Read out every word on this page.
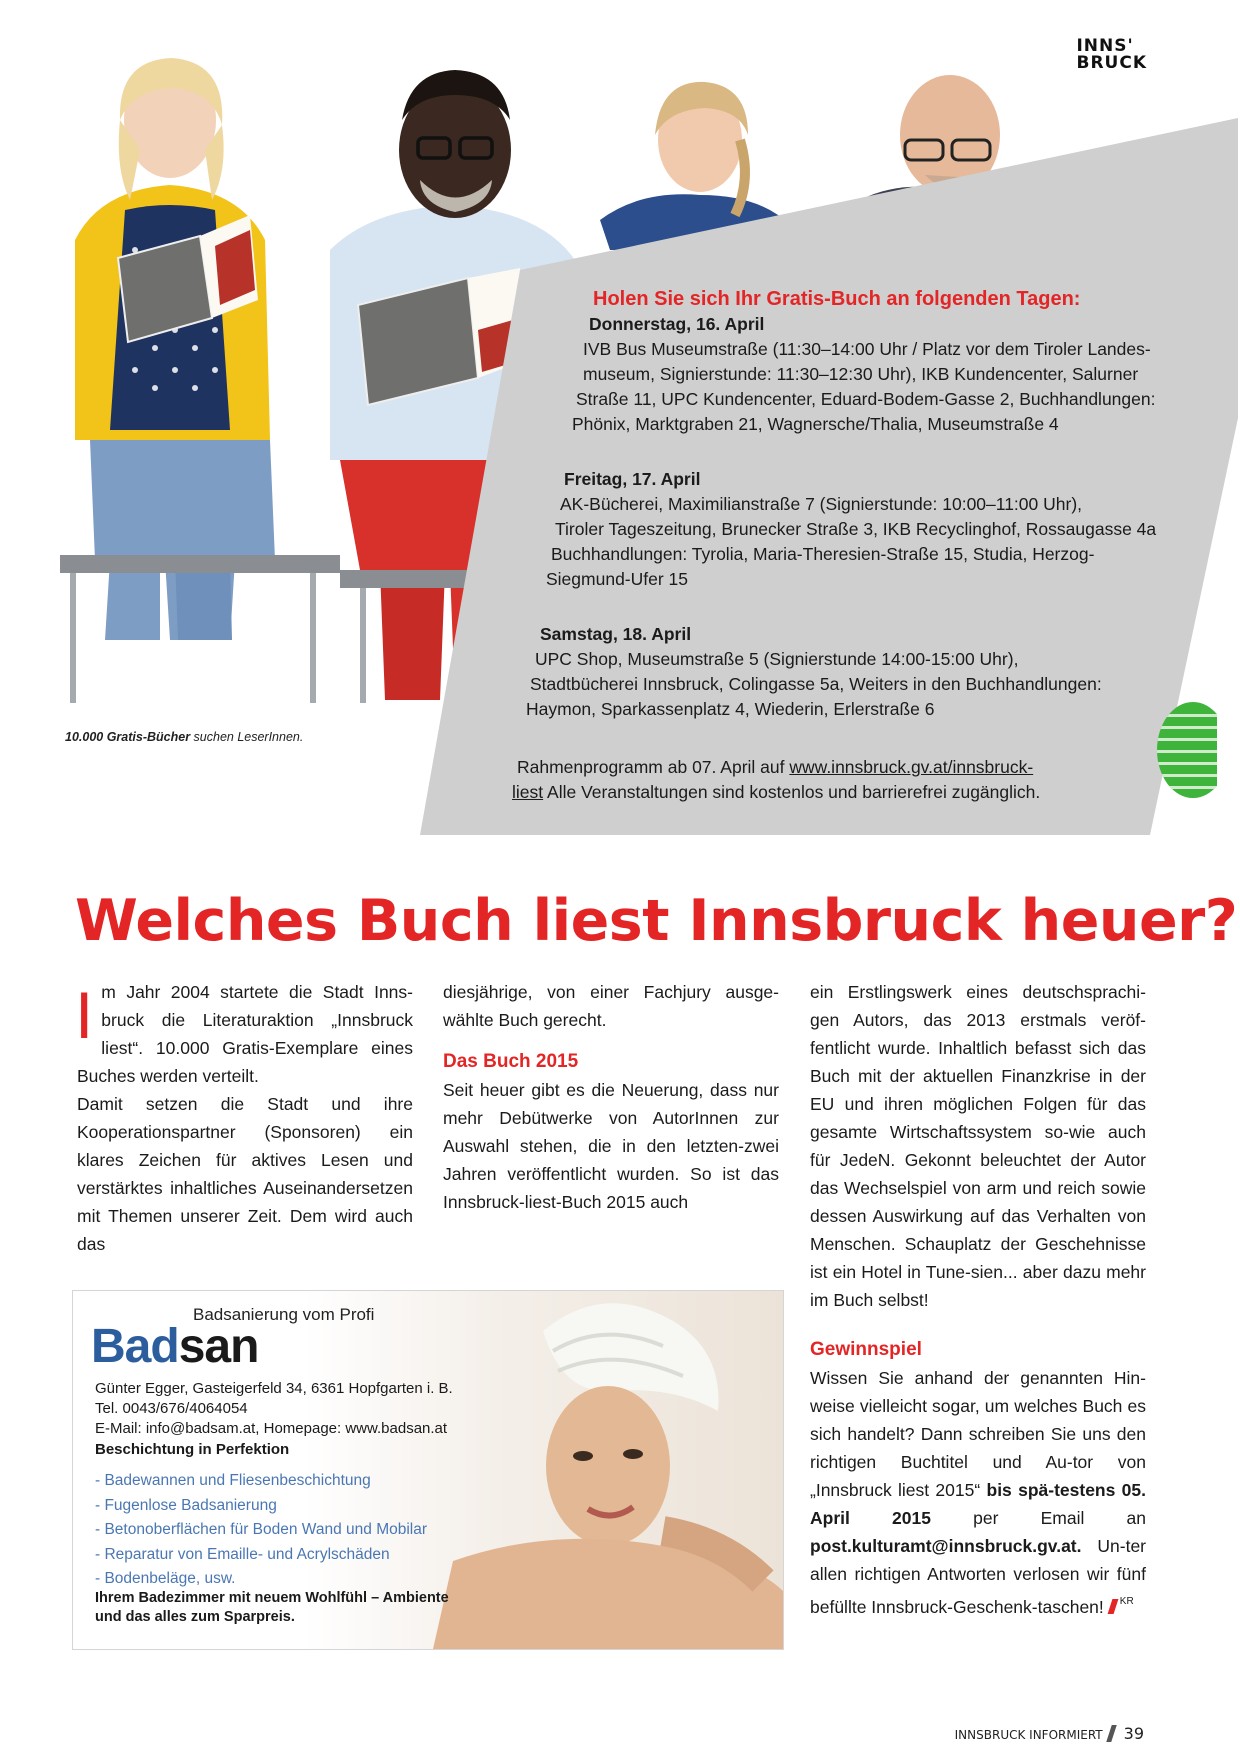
INNS'
BRUCK
Holen Sie sich Ihr Gratis-Buch an folgenden Tagen:
Donnerstag, 16. April
IVB Bus Museumstraße (11:30–14:00 Uhr / Platz vor dem Tiroler Landes-
museum, Signierstunde: 11:30–12:30 Uhr), IKB Kundencenter, Salurner
Straße 11, UPC Kundencenter, Eduard-Bodem-Gasse 2, Buchhandlungen:
Phönix, Marktgraben 21, Wagnersche/Thalia, Museumstraße 4
Freitag, 17. April
AK-Bücherei, Maximilianstraße 7 (Signierstunde: 10:00–11:00 Uhr),
Tiroler Tageszeitung, Brunecker Straße 3, IKB Recyclinghof, Rossaugasse 4a
Buchhandlungen: Tyrolia, Maria-Theresien-Straße 15, Studia, Herzog-
Siegmund-Ufer 15
Samstag, 18. April
UPC Shop, Museumstraße 5 (Signierstunde 14:00-15:00 Uhr),
Stadtbücherei Innsbruck, Colingasse 5a, Weiters in den Buchhandlungen:
Haymon, Sparkassenplatz 4, Wiederin, Erlerstraße 6
Rahmenprogramm ab 07. April auf www.innsbruck.gv.at/innsbruck-
liest Alle Veranstaltungen sind kostenlos und barrierefrei zugänglich.
10.000 Gratis-Bücher suchen LeserInnen.
Welches Buch liest Innsbruck heuer?

Im Jahr 2004 startete die Stadt Inns-bruck die Literaturaktion „Innsbruck liest“. 10.000 Gratis-Exemplare eines Buches werden verteilt.

Damit setzen die Stadt und ihre Kooperationspartner (Sponsoren) ein klares Zeichen für aktives Lesen und verstärktes inhaltliches Auseinandersetzen mit Themen unserer Zeit. Dem wird auch das

diesjährige, von einer Fachjury ausge-wählte Buch gerecht.

Das Buch 2015

Seit heuer gibt es die Neuerung, dass nur mehr Debütwerke von AutorInnen zur Auswahl stehen, die in den letzten-zwei Jahren veröffentlicht wurden. So ist das Innsbruck-liest-Buch 2015 auch

ein Erstlingswerk eines deutschsprachi-gen Autors, das 2013 erstmals veröf-fentlicht wurde. Inhaltlich befasst sich das Buch mit der aktuellen Finanzkrise in der EU und ihren möglichen Folgen für das gesamte Wirtschaftssystem so-wie auch für JedeN. Gekonnt beleuchtet der Autor das Wechselspiel von arm und reich sowie dessen Auswirkung auf das Verhalten von Menschen. Schauplatz der Geschehnisse ist ein Hotel in Tune-sien... aber dazu mehr im Buch selbst!

Gewinnspiel

Wissen Sie anhand der genannten Hin-weise vielleicht sogar, um welches Buch es sich handelt? Dann schreiben Sie uns den richtigen Buchtitel und Au-tor von „Innsbruck liest 2015“ bis spä-testens 05. April 2015 per Email an post.kulturamt@innsbruck.gv.at. Un-ter allen richtigen Antworten verlosen wir fünf befüllte Innsbruck-Geschenk-taschen! $^{KR}$

Badsanierung vom Profi
Badsan
Günter Egger, Gasteigerfeld 34, 6361 Hopfgarten i. B.
Tel. 0043/676/4064054
E-Mail: info@badsam.at, Homepage: www.badsan.at
Beschichtung in Perfektion
- Badewannen und Fliesenbeschichtung
- Fugenlose Badsanierung
- Betonoberflächen für Boden Wand und Mobilar
- Reparatur von Emaille- und Acrylschäden
- Bodenbeläge, usw.
Ihrem Badezimmer mit neuem Wohlfühl – Ambiente
und das alles zum Sparpreis.
INNSBRUCK INFORMIERT 39
